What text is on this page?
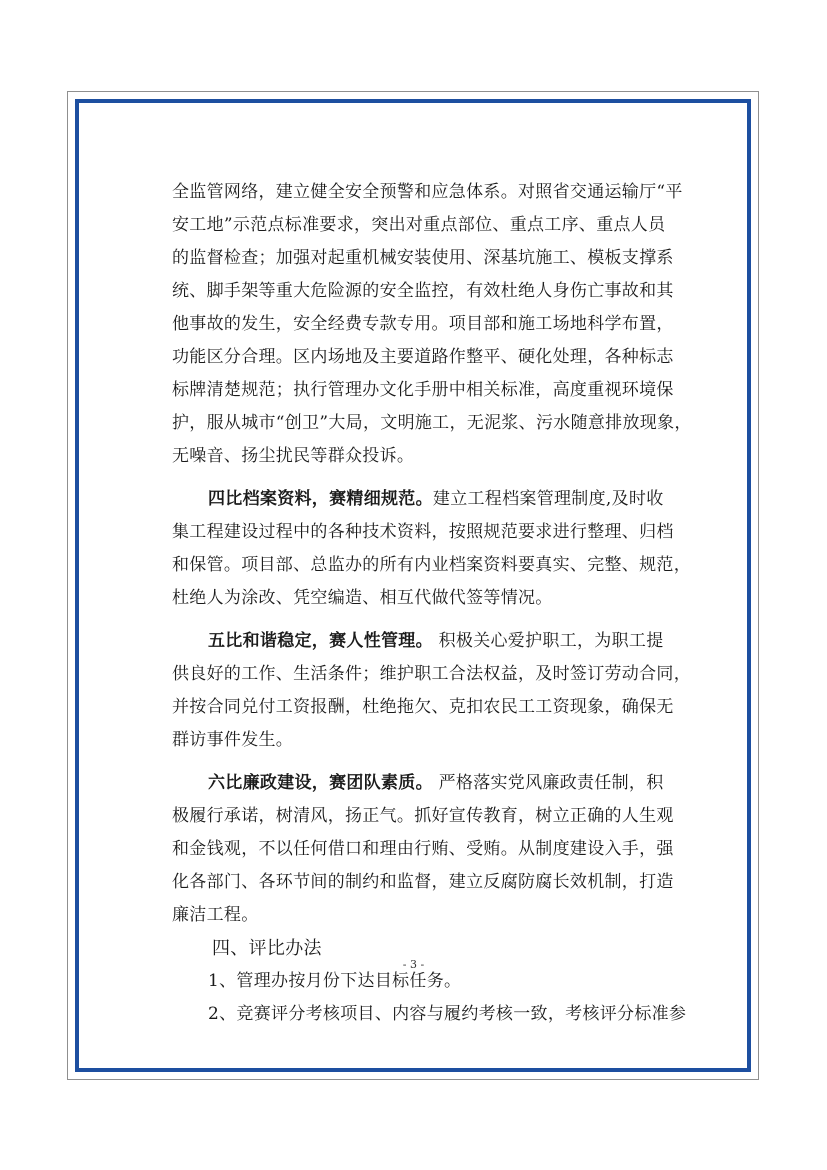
全监管网络，建立健全安全预警和应急体系。对照省交通运输厅“平
安工地”示范点标准要求，突出对重点部位、重点工序、重点人员
的监督检查；加强对起重机械安装使用、深基坑施工、模板支撑系
统、脚手架等重大危险源的安全监控，有效杜绝人身伤亡事故和其
他事故的发生，安全经费专款专用。项目部和施工场地科学布置，
功能区分合理。区内场地及主要道路作整平、硬化处理，各种标志
标牌清楚规范；执行管理办文化手册中相关标准，高度重视环境保
护，服从城市“创卫”大局，文明施工，无泥浆、污水随意排放现象，
无噪音、扬尘扰民等群众投诉。
四比档案资料，赛精细规范。建立工程档案管理制度,及时收
集工程建设过程中的各种技术资料，按照规范要求进行整理、归档
和保管。项目部、总监办的所有内业档案资料要真实、完整、规范，
杜绝人为涂改、凭空编造、相互代做代签等情况。
五比和谐稳定，赛人性管理。 积极关心爱护职工，为职工提
供良好的工作、生活条件；维护职工合法权益，及时签订劳动合同，
并按合同兑付工资报酬，杜绝拖欠、克扣农民工工资现象，确保无
群访事件发生。
六比廉政建设，赛团队素质。 严格落实党风廉政责任制，积
极履行承诺，树清风，扬正气。抓好宣传教育，树立正确的人生观
和金钱观，不以任何借口和理由行贿、受贿。从制度建设入手，强
化各部门、各环节间的制约和监督，建立反腐防腐长效机制，打造
廉洁工程。
四、评比办法
1、管理办按月份下达目标任务。
2、竞赛评分考核项目、内容与履约考核一致，考核评分标准参
- 3 -
